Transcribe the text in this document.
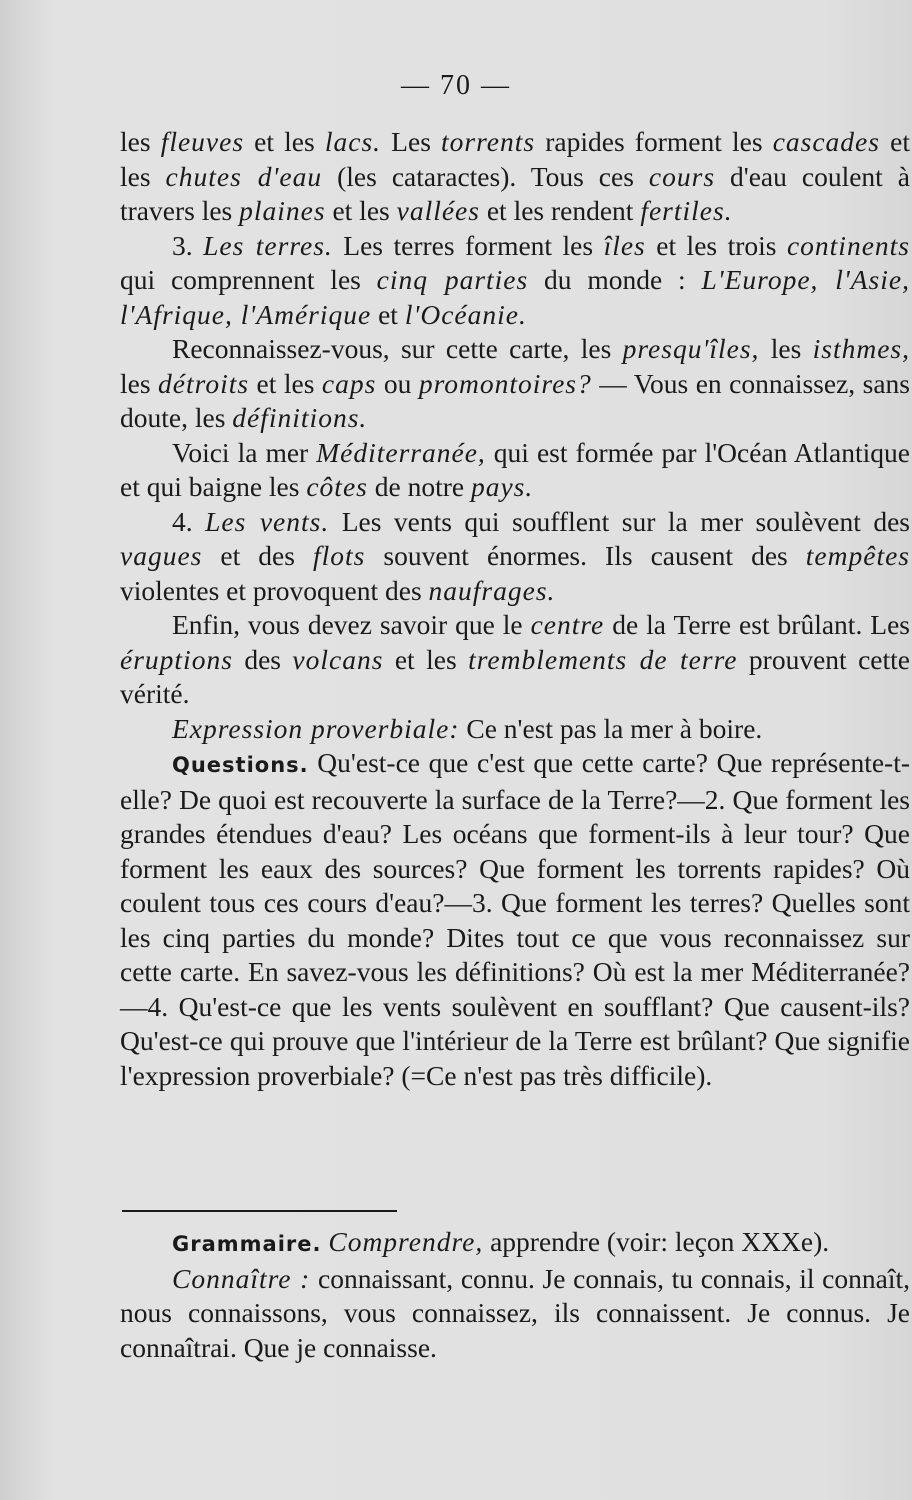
— 70 —

les fleuves et les lacs. Les torrents rapides forment les cascades et les chutes d'eau (les cataractes). Tous ces cours d'eau coulent à travers les plaines et les vallées et les rendent fertiles.

3. Les terres. Les terres forment les îles et les trois continents qui comprennent les cinq parties du monde : L'Europe, l'Asie, l'Afrique, l'Amérique et l'Océanie.

Reconnaissez-vous, sur cette carte, les presqu'îles, les isthmes, les détroits et les caps ou promontoires? — Vous en connaissez, sans doute, les définitions.

Voici la mer Méditerranée, qui est formée par l'Océan Atlantique et qui baigne les côtes de notre pays.

4. Les vents. Les vents qui soufflent sur la mer soulèvent des vagues et des flots souvent énormes. Ils causent des tempêtes violentes et provoquent des naufrages.

Enfin, vous devez savoir que le centre de la Terre est brûlant. Les éruptions des volcans et les tremblements de terre prouvent cette vérité.

Expression proverbiale: Ce n'est pas la mer à boire.

Questions. Qu'est-ce que c'est que cette carte? Que représente-t-elle? De quoi est recouverte la surface de la Terre?—2. Que forment les grandes étendues d'eau? Les océans que forment-ils à leur tour? Que forment les eaux des sources? Que forment les torrents rapides? Où coulent tous ces cours d'eau?—3. Que forment les terres? Quelles sont les cinq parties du monde? Dites tout ce que vous reconnaissez sur cette carte. En savez-vous les définitions? Où est la mer Méditerranée?—4. Qu'est-ce que les vents soulèvent en soufflant? Que causent-ils? Qu'est-ce qui prouve que l'intérieur de la Terre est brûlant? Que signifie l'expression proverbiale? (=Ce n'est pas très difficile).

Grammaire. Comprendre, apprendre (voir: leçon XXXe).

Connaître : connaissant, connu. Je connais, tu connais, il connaît, nous connaissons, vous connaissez, ils connaissent. Je connus. Je connaîtrai. Que je connaisse.
